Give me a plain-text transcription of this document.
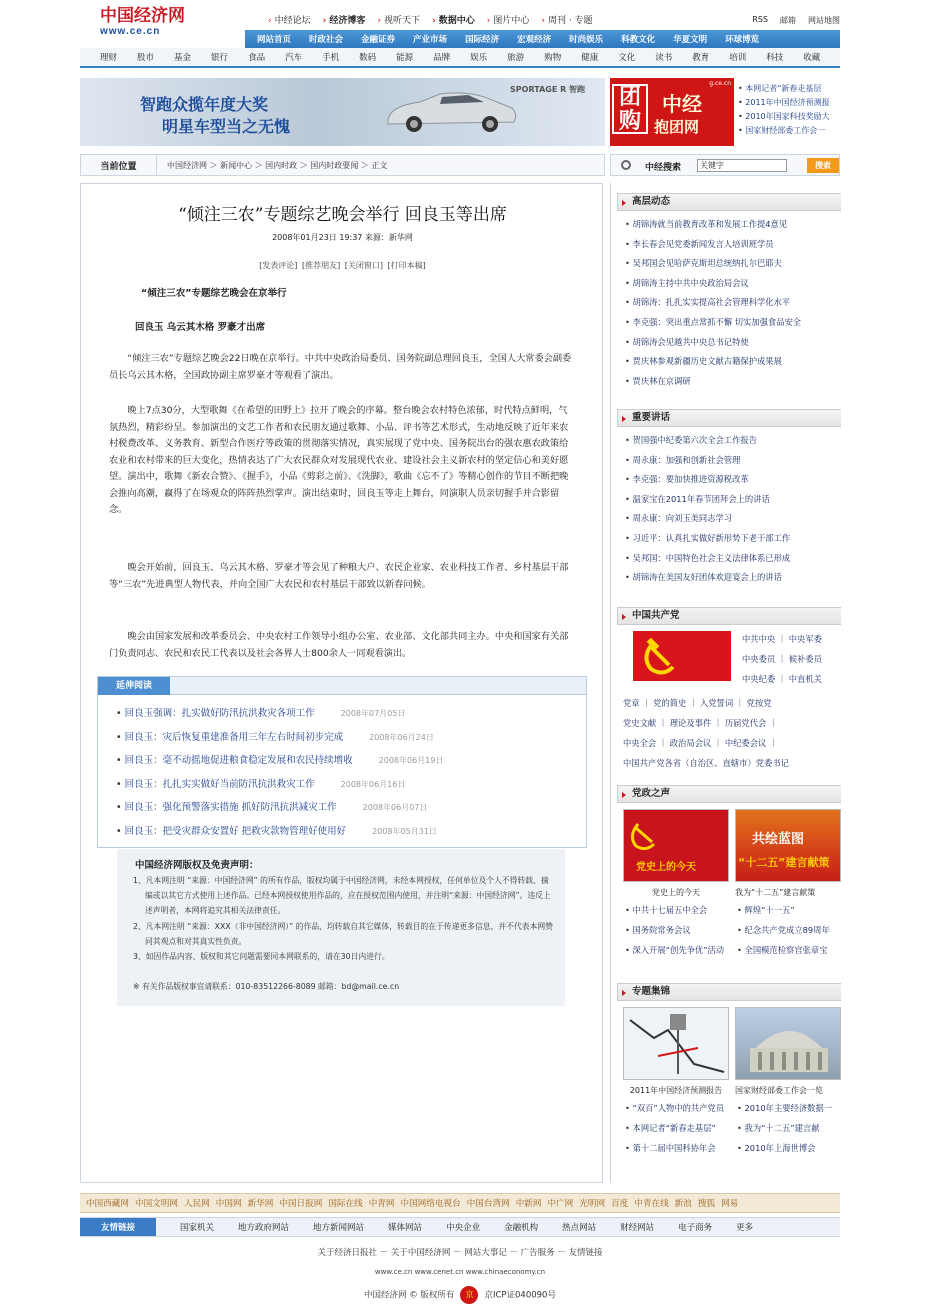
中国经济网
www.ce.cn
› 中经论坛	› 经济博客	› 视听天下	› 数据中心	› 图片中心	› 周刊 · 专题	RSS 邮箱 网站地图
网站首页 时政社会 金融证券 产业市场 国际经济 宏观经济 时尚娱乐 科教文化 华夏文明 环球博览
理财 股市 基金 银行 食品 汽车 手机 数码 能源 品牌 娱乐 旅游 购物 健康 文化 读书 教育 培训 科技 收藏
智跑众揽年度大奖
明星车型当之无愧
SPORTAGE R 智跑	团购
中经
抱团网
g.ce.cn
• 本网记者“新春走基层
• 2011年中国经济预测报
• 2010年国家科技奖励大
• 国家财经部委工作会一
当前位置	中国经济网 ＞ 新闻中心 ＞ 国内时政 ＞ 国内时政要闻 ＞ 正文	中经搜索	关键字	搜索
“倾注三农”专题综艺晚会举行 回良玉等出席
2008年01月23日 19:37 来源：新华网
[发表评论] [推荐朋友] [关闭窗口] [打印本稿]
“倾注三农”专题综艺晚会在京举行
回良玉 乌云其木格 罗豪才出席
“倾注三农”专题综艺晚会22日晚在京举行。中共中央政治局委员、国务院副总理回良玉，全国人大常委会副委员长乌云其木格，全国政协副主席罗豪才等观看了演出。
晚上7点30分，大型歌舞《在希望的田野上》拉开了晚会的序幕。整台晚会农村特色浓郁，时代特点鲜明，气氛热烈，精彩纷呈。参加演出的文艺工作者和农民朋友通过歌舞、小品、评书等艺术形式，生动地反映了近年来农村税费改革、义务教育、新型合作医疗等政策的贯彻落实情况，真实展现了党中央、国务院出台的强农惠农政策给农业和农村带来的巨大变化，热情表达了广大农民群众对发展现代农业、建设社会主义新农村的坚定信心和美好愿望。演出中，歌舞《新农合赞》、《握手》，小品《剪彩之前》、《洗脚》，歌曲《忘不了》等精心创作的节目不断把晚会推向高潮，赢得了在场观众的阵阵热烈掌声。演出结束时，回良玉等走上舞台，同演职人员亲切握手并合影留念。
晚会开始前，回良玉、乌云其木格、罗豪才等会见了种粮大户、农民企业家、农业科技工作者、乡村基层干部等“三农”先进典型人物代表，并向全国广大农民和农村基层干部致以新春问候。
晚会由国家发展和改革委员会、中央农村工作领导小组办公室、农业部、文化部共同主办。中央和国家有关部门负责同志、农民和农民工代表以及社会各界人士800余人一同观看演出。
延伸阅读
• 回良玉强调：扎实做好防汛抗洪救灾各项工作	2008年07月05日
• 回良玉：灾后恢复重建准备用三年左右时间初步完成	2008年06月24日
• 回良玉：毫不动摇地促进粮食稳定发展和农民持续增收	2008年06月19日
• 回良玉：扎扎实实做好当前防汛抗洪救灾工作	2008年06月16日
• 回良玉：强化预警落实措施 抓好防汛抗洪减灾工作	2008年06月07日
• 回良玉：把受灾群众安置好 把救灾款物管理好使用好	2008年05月31日
中国经济网版权及免责声明：
1、凡本网注明 “来源：中国经济网” 的所有作品，版权均属于中国经济网，未经本网授权，任何单位及个人不得转载、摘编或以其它方式使用上述作品。已经本网授权使用作品的，应在授权范围内使用，并注明“来源：中国经济网”。违反上述声明者，本网将追究其相关法律责任。
2、凡本网注明 “来源：XXX（非中国经济网）” 的作品，均转载自其它媒体，转载目的在于传递更多信息，并不代表本网赞同其观点和对其真实性负责。
3、如因作品内容、版权和其它问题需要同本网联系的，请在30日内进行。
※ 有关作品版权事宜请联系：010-83512266-8089 邮箱：bd@mail.ce.cn
高层动态
• 胡锦涛就当前教育改革和发展工作提4意见
• 李长春会见党委新闻发言人培训班学员
• 吴邦国会见哈萨克斯坦总统纳扎尔巴耶夫
• 胡锦涛主持中共中央政治局会议
• 胡锦涛：扎扎实实提高社会管理科学化水平
• 李克强：突出重点常抓不懈 切实加强食品安全
• 胡锦涛会见越共中央总书记特使
• 贾庆林参观新疆历史文献古籍保护成果展
• 贾庆林在京调研
重要讲话
• 贺国强中纪委第六次全会工作报告
• 周永康：加强和创新社会管理
• 李克强：要加快推进资源税改革
• 温家宝在2011年春节团拜会上的讲话
• 周永康：向刘玉美同志学习
• 习近平：认真扎实做好新形势下老干部工作
• 吴邦国：中国特色社会主义法律体系已形成
• 胡锦涛在美国友好团体欢迎宴会上的讲话
中国共产党
中共中央 ｜ 中央军委
中央委员 ｜ 候补委员
中央纪委 ｜ 中直机关
党章 ｜ 党的简史 ｜ 入党誓词 ｜ 党按党
党史文献 ｜ 理论及事件 ｜ 历届党代会 ｜
中央全会 ｜ 政治局会议 ｜ 中纪委会议 ｜
中国共产党各省（自治区、直辖市）党委书记
党政之声
党史上的今天
共绘蓝图
“十二五”建言献策
党史上的今天	我为“十二五”建言献策
• 中共十七届五中全会	• 辉煌“十一五”
• 国务院常务会议	• 纪念共产党成立89周年
• 深入开展“创先争优”活动	• 全国模范检察官张章宝
专题集锦
2011年中国经济预测报告	国家财经部委工作会一览
• “双百”人物中的共产党员	• 2010年主要经济数据一
• 本网记者“新春走基层”	• 我为“十二五”建言献
• 第十二届中国科协年会	• 2010年上海世博会
中国西藏网 中国文明网 人民网 中国网 新华网 中国日报网 国际在线 中青网 中国网络电视台 中国台湾网 中新网 中广网 光明网 百度 中青在线 新浪 搜狐 网易
友情链接	国家机关	地方政府网站	地方新闻网站	媒体网站	中央企业	金融机构	热点网站	财经网站	电子商务	更多
关于经济日报社 － 关于中国经济网 － 网站大事记 － 广告服务 － 友情链接
www.ce.cn www.cenet.cn www.chinaeconomy.cn
中国经济网 © 版权所有 京 京ICP证040090号
